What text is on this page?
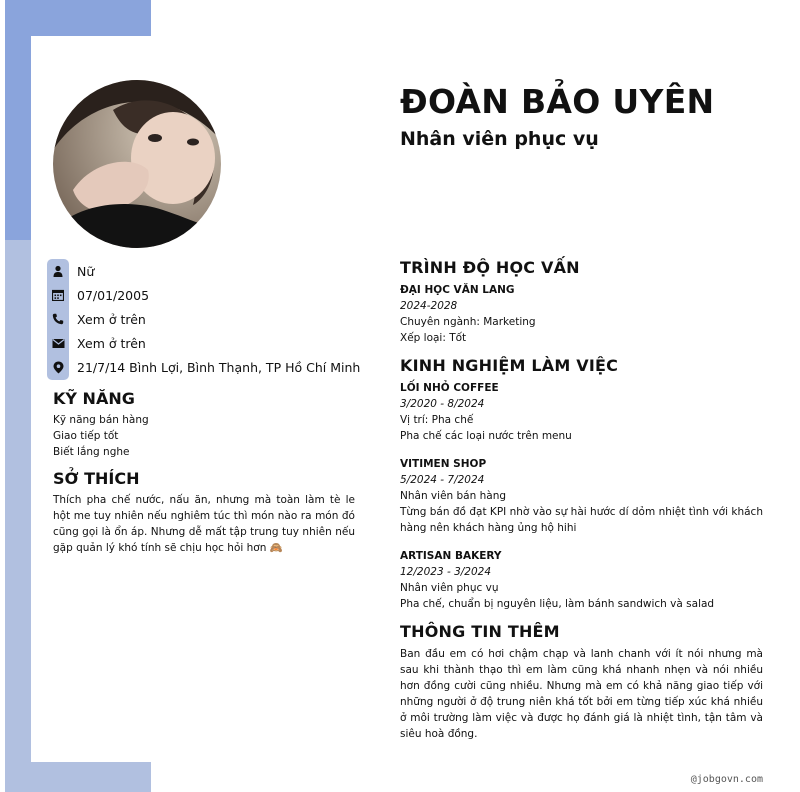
ĐOÀN BẢO UYÊN
Nhân viên phục vụ
Nữ
07/01/2005
Xem ở trên
Xem ở trên
21/7/14 Bình Lợi, Bình Thạnh, TP Hồ Chí Minh
KỸ NĂNG

Kỹ năng bán hàng

Giao tiếp tốt

Biết lắng nghe

SỞ THÍCH

Thích pha chế nước, nấu ăn, nhưng mà toàn làm tè le hột me tuy nhiên nếu nghiêm túc thì món nào ra món đó cũng gọi là ổn áp. Nhưng dễ mất tập trung tuy nhiên nếu gặp quản lý khó tính sẽ chịu học hỏi hơn 🙈

TRÌNH ĐỘ HỌC VẤN

ĐẠI HỌC VĂN LANG

2024-2028

Chuyên ngành: Marketing

Xếp loại: Tốt

KINH NGHIỆM LÀM VIỆC

LỐI NHỎ COFFEE

3/2020 - 8/2024

Vị trí: Pha chế

Pha chế các loại nước trên menu

VITIMEN SHOP

5/2024 - 7/2024

Nhân viên bán hàng

Từng bán đồ đạt KPI nhờ vào sự hài hước dí dỏm nhiệt tình với khách hàng nên khách hàng ủng hộ hihi

ARTISAN BAKERY

12/2023 - 3/2024

Nhân viên phục vụ

Pha chế, chuẩn bị nguyên liệu, làm bánh sandwich và salad

THÔNG TIN THÊM

Ban đầu em có hơi chậm chạp và lanh chanh với ít nói nhưng mà sau khi thành thạo thì em làm cũng khá nhanh nhẹn và nói nhiều hơn đồng cười cũng nhiều. Nhưng mà em có khả năng giao tiếp với những người ở độ trung niên khá tốt bởi em từng tiếp xúc khá nhiều ở môi trường làm việc và được họ đánh giá là nhiệt tình, tận tâm và siêu hoà đồng.

@jobgovn.com
